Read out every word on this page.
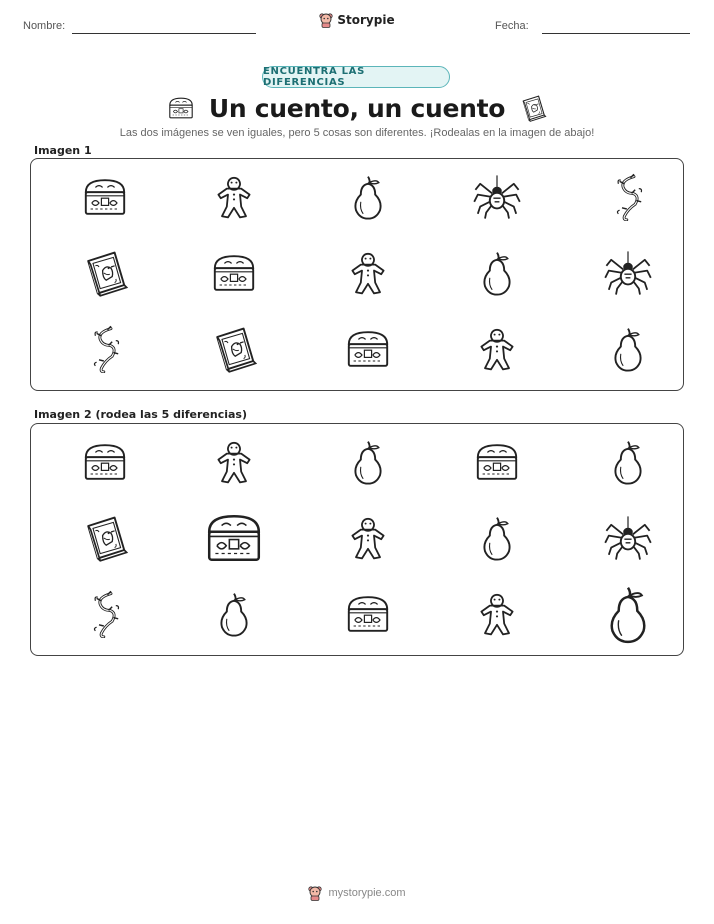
Nombre:	Storypie	Fecha:
ENCUENTRA LAS DIFERENCIAS
Un cuento, un cuento
Las dos imágenes se ven iguales, pero 5 cosas son diferentes. ¡Rodealas en la imagen de abajo!
Imagen 1
Imagen 2 (rodea las 5 diferencias)
mystorypie.com
